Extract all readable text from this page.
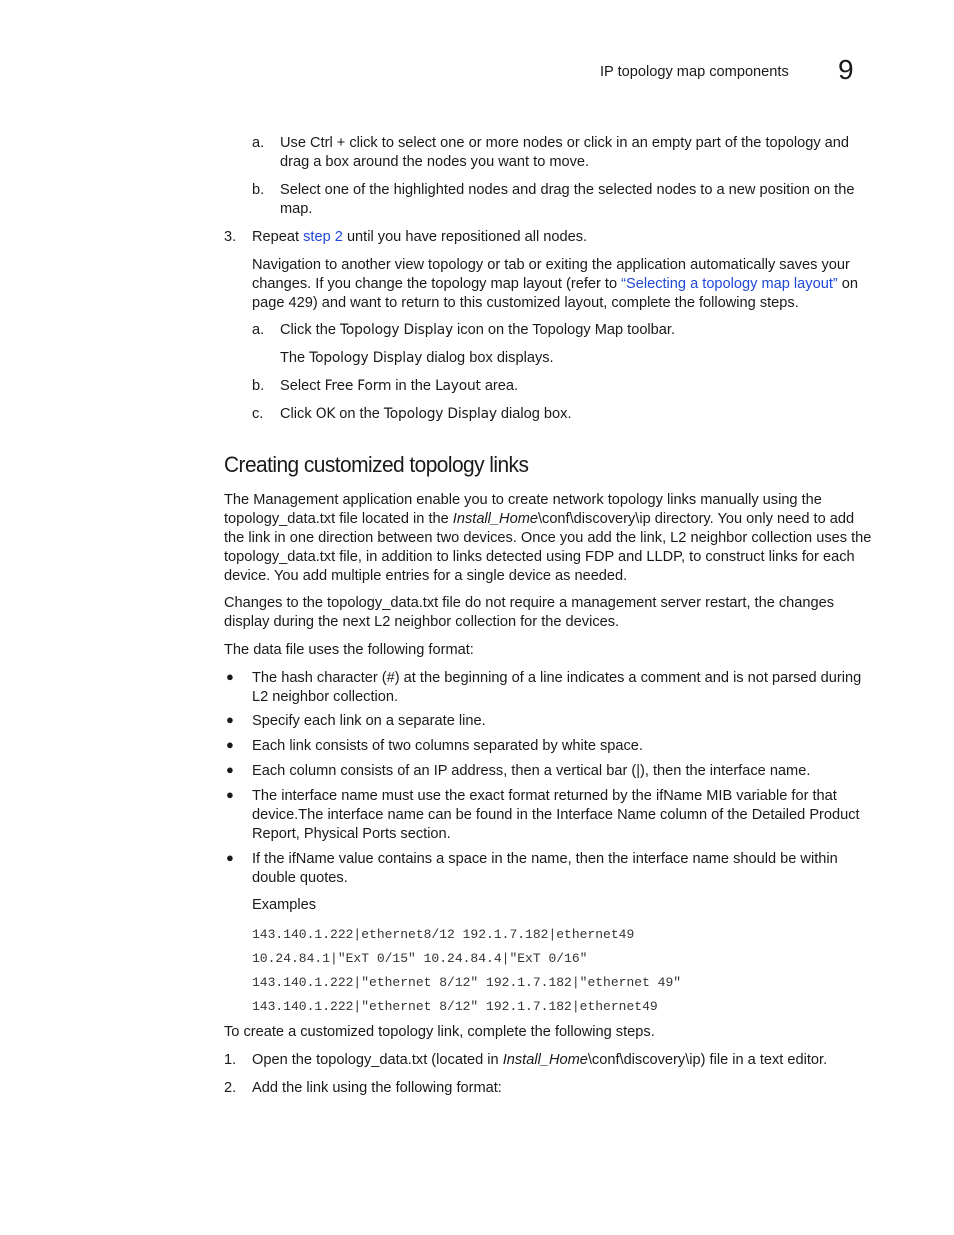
IP topology map components 9
a. Use Ctrl + click to select one or more nodes or click in an empty part of the topology and drag a box around the nodes you want to move.
b. Select one of the highlighted nodes and drag the selected nodes to a new position on the map.
3. Repeat step 2 until you have repositioned all nodes.
Navigation to another view topology or tab or exiting the application automatically saves your changes. If you change the topology map layout (refer to “Selecting a topology map layout” on page 429) and want to return to this customized layout, complete the following steps.
a. Click the Topology Display icon on the Topology Map toolbar.
The Topology Display dialog box displays.
b. Select Free Form in the Layout area.
c. Click OK on the Topology Display dialog box.
Creating customized topology links
The Management application enable you to create network topology links manually using the topology_data.txt file located in the Install_Home\conf\discovery\ip directory. You only need to add the link in one direction between two devices. Once you add the link, L2 neighbor collection uses the topology_data.txt file, in addition to links detected using FDP and LLDP, to construct links for each device. You add multiple entries for a single device as needed.
Changes to the topology_data.txt file do not require a management server restart, the changes display during the next L2 neighbor collection for the devices.
The data file uses the following format:
● The hash character (#) at the beginning of a line indicates a comment and is not parsed during L2 neighbor collection.
● Specify each link on a separate line.
● Each link consists of two columns separated by white space.
● Each column consists of an IP address, then a vertical bar (|), then the interface name.
● The interface name must use the exact format returned by the ifName MIB variable for that device.The interface name can be found in the Interface Name column of the Detailed Product Report, Physical Ports section.
● If the ifName value contains a space in the name, then the interface name should be within double quotes.
Examples
143.140.1.222|ethernet8/12 192.1.7.182|ethernet49
10.24.84.1|"ExT 0/15" 10.24.84.4|"ExT 0/16"
143.140.1.222|"ethernet 8/12" 192.1.7.182|"ethernet 49"
143.140.1.222|"ethernet 8/12" 192.1.7.182|ethernet49
To create a customized topology link, complete the following steps.
1. Open the topology_data.txt (located in Install_Home\conf\discovery\ip) file in a text editor.
2. Add the link using the following format:
